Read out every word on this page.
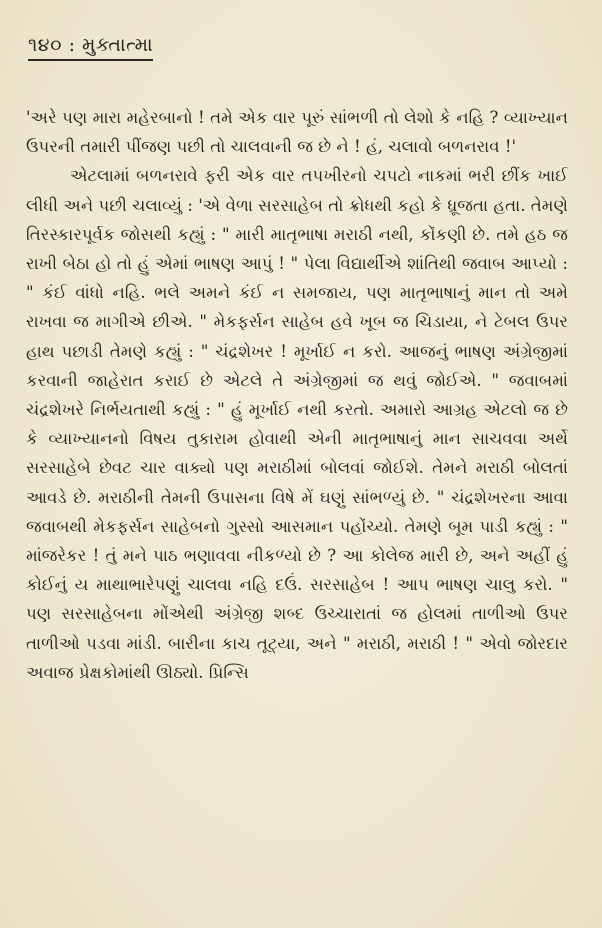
૧૪૦ : મુક્તાત્મા

'અરે પણ મારા મહેરબાનો ! તમે એક વાર પૂરું સાંભળી તો લેશો કે નહિ ? વ્યાખ્યાન ઉપરની તમારી પીંજણ પછી તો ચાલવાની જ છે ને ! હં, ચલાવો બળનરાવ !'

એટલામાં બળનરાવે ફરી એક વાર તપખીરનો ચપટો નાકમાં ભરી છીંક ખાઈ લીધી અને પછી ચલાવ્યું : 'એ વેળા સરસાહેબ તો ક્રોધથી કહો કે ધ્રૂજતા હતા. તેમણે તિરસ્કારપૂર્વક જોસથી કહ્યું : " મારી માતૃભાષા મરાઠી નથી, કોંકણી છે. તમે હઠ જ રાખી બેઠા હો તો હું એમાં ભાષણ આપું ! " પેલા વિદ્યાર્થીએ શાંતિથી જવાબ આપ્યો : " કંઈ વાંધો નહિ. ભલે અમને કંઈ ન સમજાય, પણ માતૃભાષાનું માન તો અમે રાખવા જ માગીએ છીએ. " મેકફર્સન સાહેબ હવે ખૂબ જ ચિડાયા, ને ટેબલ ઉપર હાથ પછાડી તેમણે કહ્યું : " ચંદ્રશેખર ! મૂર્ખાઈ ન કરો. આજનું ભાષણ અંગ્રેજીમાં કરવાની જાહેરાત કરાઈ છે એટલે તે અંગ્રેજીમાં જ થવું જોઈએ. " જવાબમાં ચંદ્રશેખરે નિર્ભયતાથી કહ્યું : " હું મૂર્ખાઈ નથી કરતો. અમારો આગ્રહ એટલો જ છે કે વ્યાખ્યાનનો વિષય તુકારામ હોવાથી એની માતૃભાષાનું માન સાચવવા અર્થે સરસાહેબે છેવટ ચાર વાક્યો પણ મરાઠીમાં બોલવાં જોઈશે. તેમને મરાઠી બોલતાં આવડે છે. મરાઠીની તેમની ઉપાસના વિષે મેં ઘણું સાંભળ્યું છે. " ચંદ્રશેખરના આવા જવાબથી મેકફર્સન સાહેબનો ગુસ્સો આસમાન પહોંચ્યો. તેમણે બૂમ પાડી કહ્યું : " માંજરેકર ! તું મને પાઠ ભણાવવા નીકળ્યો છે ? આ કોલેજ મારી છે, અને અહીં હું કોઈનું ય માથાભારેપણું ચાલવા નહિ દઉં. સરસાહેબ ! આપ ભાષણ ચાલુ કરો. " પણ સરસાહેબના મોંએથી અંગ્રેજી શબ્દ ઉચ્ચારાતાં જ હોલમાં તાળીઓ ઉપર તાળીઓ પડવા માંડી. બારીના કાચ તૂટ્યા, અને " મરાઠી, મરાઠી ! " એવો જોરદાર અવાજ પ્રેક્ષકોમાંથી ઊઠ્યો. પ્રિન્સિ
